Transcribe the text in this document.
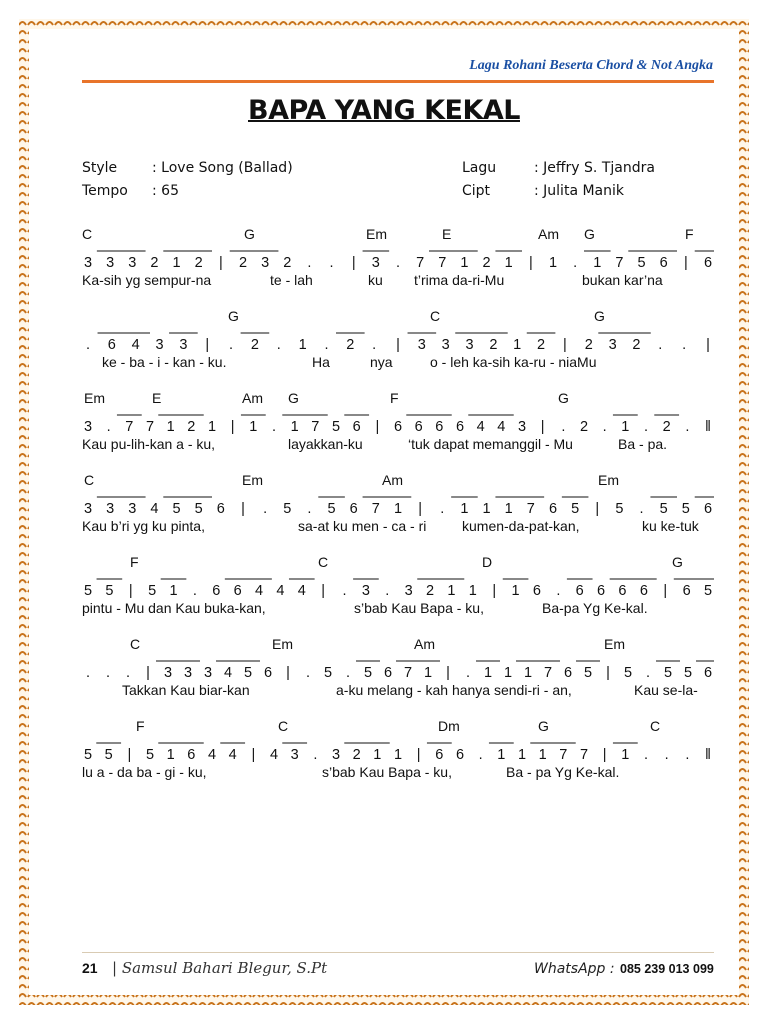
Lagu Rohani Beserta Chord & Not Angka
BAPA YANG KEKAL
Style : Love Song (Ballad)
Tempo : 65
Lagu	: Jeffry S. Tjandra
Cipt	: Julita Manik
C	G	Em	E	Am G	F
3 3 3 2 1 2	|	2 3 2	.	.	|	3	.	7 7 1 2 1	|	1	.	1 7 5 6	|	6
Ka-sih yg sempur-na	te - lah	ku t’rima da-ri-Mu	bukan kar’na
G	C	G
.	6 4 3 3	|	.	2	.	1	.	2	.	|	3 3 3 2 1 2	|	2 3 2	.	.	|
ke - ba - i - kan - ku.	Ha	nya	o - leh ka-sih ka-ru - niaMu
Em	E	Am G	F	G
3	.	7 7 1 2 1	|	1	.	1 7 5 6	|	6 6 6 6 4 4 3	|	.	2	.	1	.	2	.	‖
Kau pu-lih-kan a - ku,	layakkan-ku	‘tuk dapat memanggil - Mu	Ba - pa.
C	Em	Am	Em
3 3 3 4 5 5 6	|	.	5	.	5 6 7 1	|	.	1 1 1 7 6 5	|	5	.	5 5 6
Kau b’ri yg ku pinta,	sa-at ku men - ca - ri	kumen-da-pat-kan,	ku ke-tuk
F	C	D	G
5 5	|	5 1	.	6 6 4 4 4	|	.	3	.	3 2 1 1	|	1 6	.	6 6 6 6	|	6 5
pintu - Mu dan Kau buka-kan,	s’bab Kau Bapa - ku,	Ba-pa Yg Ke-kal.
C	Em	Am	Em
.	.	.	| 3 3 3 4 5 6 |	. 5 . 5 6 7 1 |	. 1 1 1 7 6 5 | 5 . 5 5 6
Takkan Kau biar-kan	a-ku melang - kah hanya sendi-ri - an,	Kau se-la-
F	C	Dm	G	C
5 5	|	5 1 6 4 4	|	4 3	.	3 2 1 1	|	6 6	.	1 1 1 7 7	|	1	.	.	.	‖
lu a - da ba - gi - ku,	s’bab Kau Bapa - ku,	Ba - pa Yg Ke-kal.
21 | Samsul Bahari Blegur, S.Pt	WhatsApp : 085 239 013 099
